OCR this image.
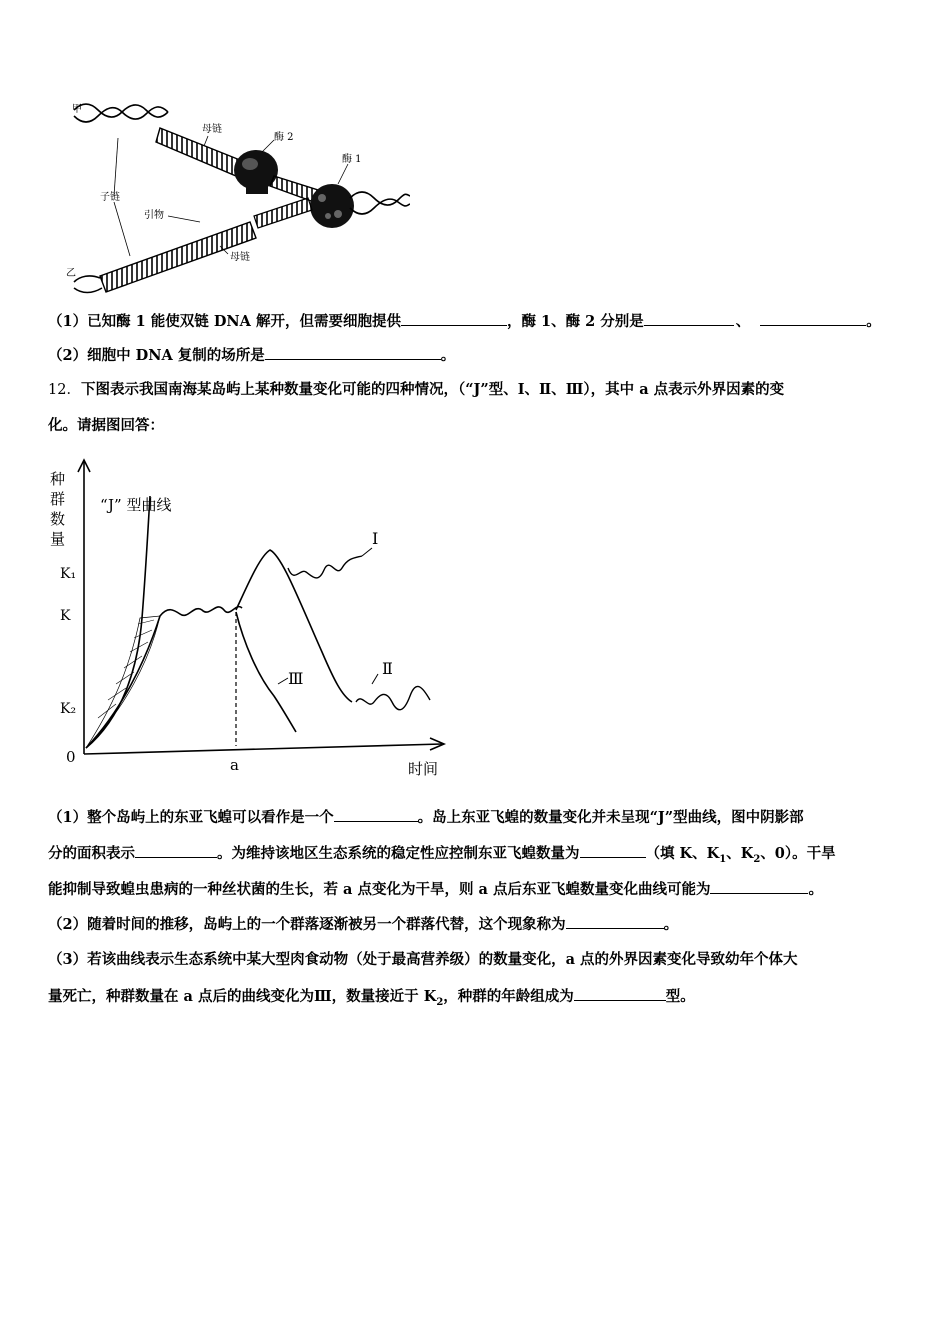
甲
母链
酶 2
酶 1
子链
引物
母链
乙
（1）已知酶 1 能使双链 DNA 解开，但需要细胞提供	，酶 1、酶 2 分别是	、	。
（2）细胞中 DNA 复制的场所是	。
12．下图表示我国南海某岛屿上某种数量变化可能的四种情况，（“J”型、Ⅰ、Ⅱ、Ⅲ），其中 a 点表示外界因素的变
化。请据图回答：
种
群
数
量
K₁
K
K₂
0	a	时间
“J” 型曲线
Ⅰ
Ⅱ
Ⅲ
（1）整个岛屿上的东亚飞蝗可以看作是一个	。岛上东亚飞蝗的数量变化并未呈现“J”型曲线，图中阴影部
分的面积表示	。为维持该地区生态系统的稳定性应控制东亚飞蝗数量为	（填 K、$K_1$、$K_2$、0）。干旱
能抑制导致蝗虫患病的一种丝状菌的生长，若 a 点变化为干旱，则 a 点后东亚飞蝗数量变化曲线可能为	。
（2）随着时间的推移，岛屿上的一个群落逐渐被另一个群落代替，这个现象称为	。
（3）若该曲线表示生态系统中某大型肉食动物（处于最高营养级）的数量变化，a 点的外界因素变化导致幼年个体大
量死亡，种群数量在 a 点后的曲线变化为Ⅲ，数量接近于 $K_2$，种群的年龄组成为	型。
